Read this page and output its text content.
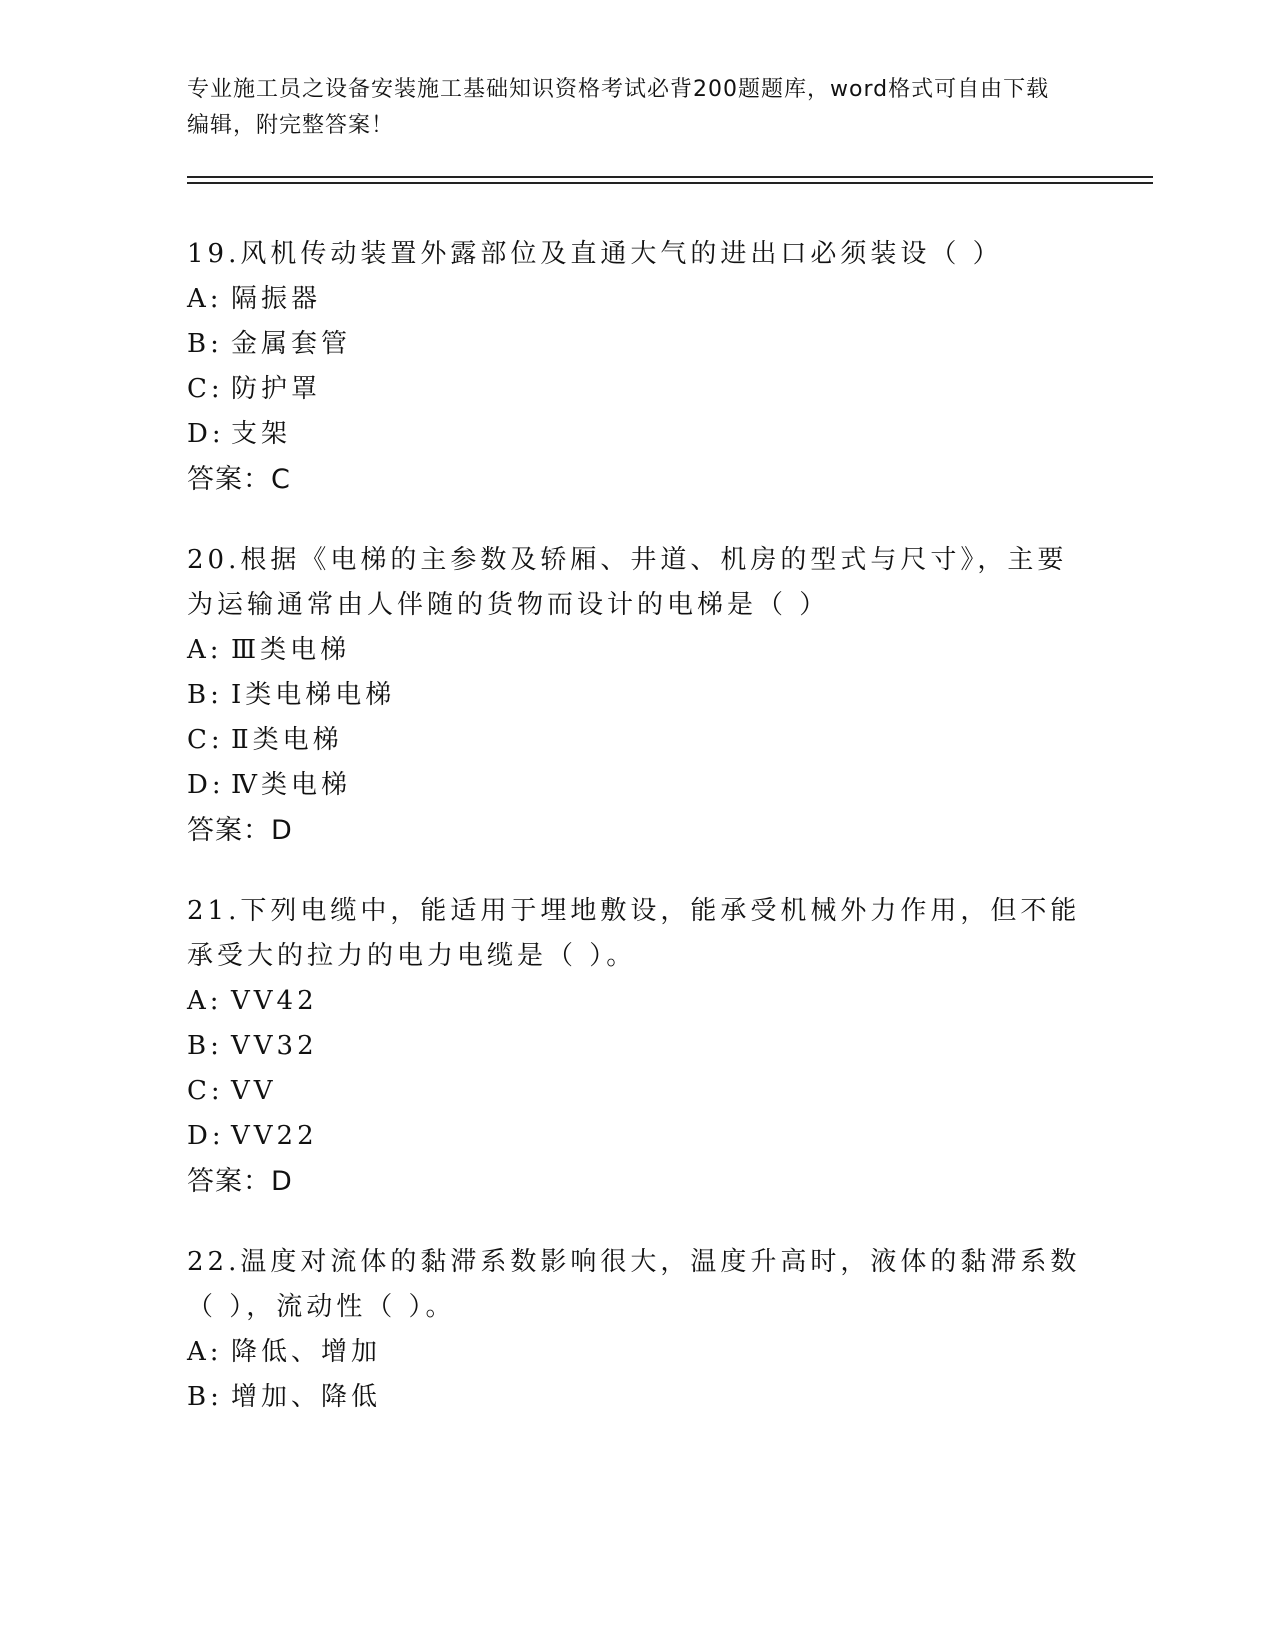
专业施工员之设备安装施工基础知识资格考试必背200题题库，word格式可自由下载编辑，附完整答案！

19.风机传动装置外露部位及直通大气的进出口必须装设（ ）

A: 隔振器
B: 金属套管
C: 防护罩
D: 支架
答案：C

20.根据《电梯的主参数及轿厢、井道、机房的型式与尺寸》，主要为运输通常由人伴随的货物而设计的电梯是（ ）

A: Ⅲ类电梯
B: Ⅰ类电梯电梯
C: Ⅱ类电梯
D: Ⅳ类电梯
答案：D

21.下列电缆中，能适用于埋地敷设，能承受机械外力作用，但不能承受大的拉力的电力电缆是（ ）。

A: VV42
B: VV32
C: VV
D: VV22
答案：D

22.温度对流体的黏滞系数影响很大，温度升高时，液体的黏滞系数（ ），流动性（ ）。

A: 降低、增加
B: 增加、降低
